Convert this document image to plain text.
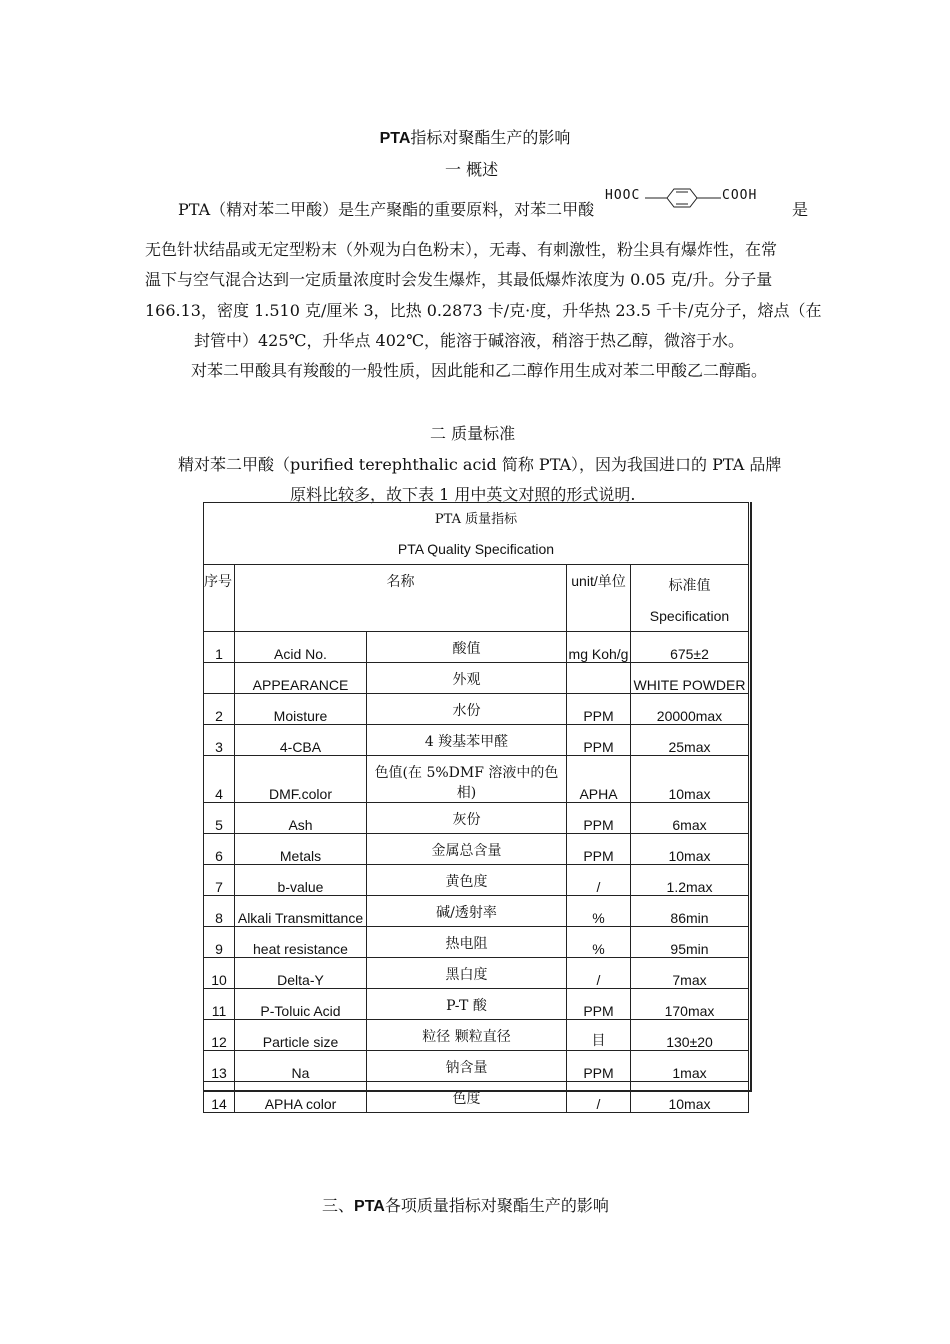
PTA指标对聚酯生产的影响
一 概述
PTA（精对苯二甲酸）是生产聚酯的重要原料，对苯二甲酸
HOOC	COOH
是
无色针状结晶或无定型粉末（外观为白色粉末），无毒、有刺激性，粉尘具有爆炸性，在常
温下与空气混合达到一定质量浓度时会发生爆炸，其最低爆炸浓度为 0.05 克/升。分子量
166.13，密度 1.510 克/厘米 3，比热 0.2873 卡/克·度，升华热 23.5 千卡/克分子，熔点（在
封管中）425℃，升华点 402℃，能溶于碱溶液，稍溶于热乙醇，微溶于水。
对苯二甲酸具有羧酸的一般性质，因此能和乙二醇作用生成对苯二甲酸乙二醇酯。
二 质量标准
精对苯二甲酸（purified terephthalic acid 简称 PTA），因为我国进口的 PTA 品牌
原料比较多，故下表 1 用中英文对照的形式说明.
PTA 质量指标
PTA Quality Specification				

序号	名称		unit/单位	标准值
Specification

1	Acid No.	酸值	mg Koh/g	675±2
	APPEARANCE	外观		WHITE POWDER
2	Moisture	水份	PPM	20000max
3	4-CBA	4 羧基苯甲醛	PPM	25max
4	DMF.color	色值(在 5%DMF 溶液中的色相)	APHA	10max
5	Ash	灰份	PPM	6max
6	Metals	金属总含量	PPM	10max
7	b-value	黄色度	/	1.2max
8	Alkali Transmittance	碱/透射率	%	86min
9	heat resistance	热电阻	%	95min
10	Delta-Y	黑白度	/	7max
11	P-Toluic Acid	P-T 酸	PPM	170max
12	Particle size	粒径 颗粒直径	目	130±20
13	Na	钠含量	PPM	1max
14	APHA color	色度	/	10max
三、PTA各项质量指标对聚酯生产的影响
